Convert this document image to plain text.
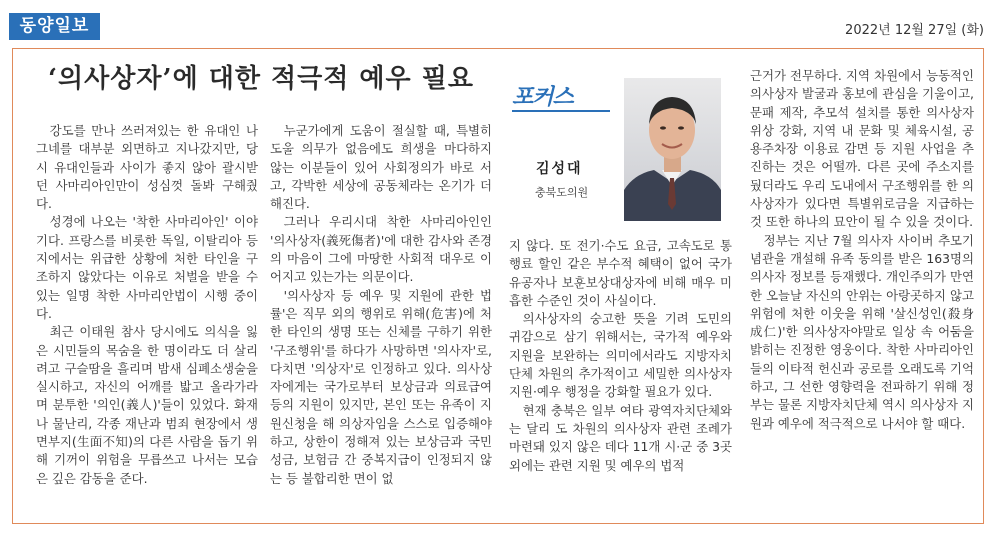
동양일보	2022년 12월 27일 (화)
‘의사상자’에 대한 적극적 예우 필요

강도를 만나 쓰러져있는 한 유대인 나그네를 대부분 외면하고 지나갔지만, 당시 유대인들과 사이가 좋지 않아 괄시받던 사마리아인만이 성심껏 돌봐 구해줬다.

성경에 나오는 '착한 사마리아인' 이야기다. 프랑스를 비롯한 독일, 이탈리아 등지에서는 위급한 상황에 처한 타인을 구조하지 않았다는 이유로 처벌을 받을 수 있는 일명 착한 사마리안법이 시행 중이다.

최근 이태원 참사 당시에도 의식을 잃은 시민들의 목숨을 한 명이라도 더 살리려고 구슬땀을 흘리며 밤새 심폐소생술을 실시하고, 자신의 어깨를 밟고 올라가라며 분투한 '의인(義人)'들이 있었다. 화재나 물난리, 각종 재난과 범죄 현장에서 생면부지(生面不知)의 다른 사람을 돕기 위해 기꺼이 위험을 무릅쓰고 나서는 모습은 깊은 감동을 준다.

누군가에게 도움이 절실할 때, 특별히 도울 의무가 없음에도 희생을 마다하지 않는 이분들이 있어 사회정의가 바로 서고, 각박한 세상에 공동체라는 온기가 더해진다.

그러나 우리시대 착한 사마리아인인 '의사상자(義死傷者)'에 대한 감사와 존경의 마음이 그에 마땅한 사회적 대우로 이어지고 있는가는 의문이다.

'의사상자 등 예우 및 지원에 관한 법률'은 직무 외의 행위로 위해(危害)에 처한 타인의 생명 또는 신체를 구하기 위한 '구조행위'를 하다가 사망하면 '의사자'로, 다치면 '의상자'로 인정하고 있다. 의사상자에게는 국가로부터 보상금과 의료급여 등의 지원이 있지만, 본인 또는 유족이 지원신청을 해 의상자임을 스스로 입증해야 하고, 상한이 정해져 있는 보상금과 국민성금, 보험금 간 중복지급이 인정되지 않는 등 불합리한 면이 없

포커스
김성대
충북도의원

지 않다. 또 전기·수도 요금, 고속도로 통행료 할인 같은 부수적 혜택이 없어 국가유공자나 보훈보상대상자에 비해 매우 미흡한 수준인 것이 사실이다.

의사상자의 숭고한 뜻을 기려 도민의 귀감으로 삼기 위해서는, 국가적 예우와 지원을 보완하는 의미에서라도 지방자치단체 차원의 추가적이고 세밀한 의사상자 지원·예우 행정을 강화할 필요가 있다.

현재 충북은 일부 여타 광역자치단체와는 달리 도 차원의 의사상자 관련 조례가 마련돼 있지 않은 데다 11개 시·군 중 3곳 외에는 관련 지원 및 예우의 법적

근거가 전무하다. 지역 차원에서 능동적인 의사상자 발굴과 홍보에 관심을 기울이고, 문패 제작, 추모석 설치를 통한 의사상자 위상 강화, 지역 내 문화 및 체육시설, 공용주차장 이용료 감면 등 지원 사업을 추진하는 것은 어떨까. 다른 곳에 주소지를 뒀더라도 우리 도내에서 구조행위를 한 의사상자가 있다면 특별위로금을 지급하는 것 또한 하나의 묘안이 될 수 있을 것이다.

정부는 지난 7월 의사자 사이버 추모기념관을 개설해 유족 동의를 받은 163명의 의사자 정보를 등재했다. 개인주의가 만연한 오늘날 자신의 안위는 아랑곳하지 않고 위험에 처한 이웃을 위해 '살신성인(殺身成仁)'한 의사상자야말로 일상 속 어둠을 밝히는 진정한 영웅이다. 착한 사마리아인들의 이타적 헌신과 공로를 오래도록 기억하고, 그 선한 영향력을 전파하기 위해 정부는 물론 지방자치단체 역시 의사상자 지원과 예우에 적극적으로 나서야 할 때다.
